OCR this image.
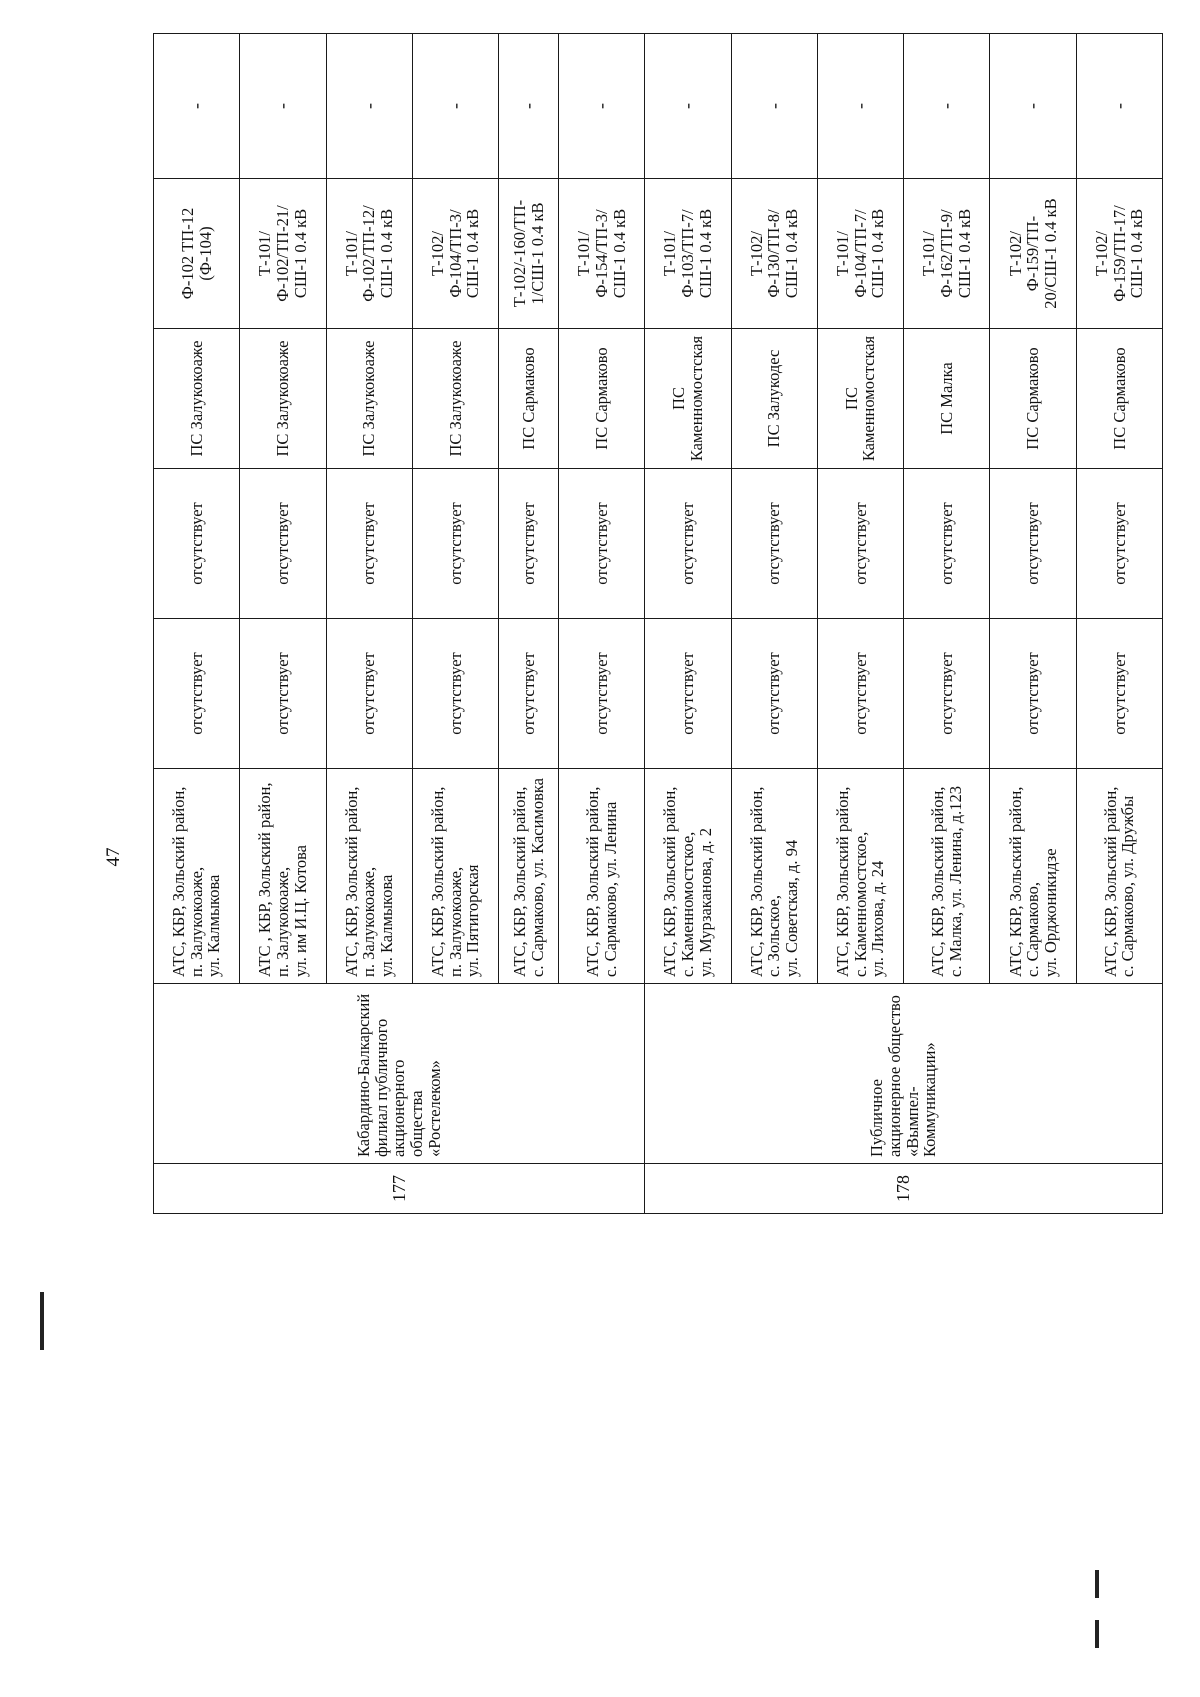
47
177	Кабардино-Балкарский филиал публичного акционерного общества «Ростелеком»	АТС, КБР, Зольский район,
п. Залукокоаже,
ул. Калмыкова	отсутствует	отсутствует	ПС Залукокоаже	Ф-102 ТП-12
(Ф-104)	-
		АТС , КБР, Зольский район,
п. Залукокоаже,
ул. им И.Ц. Котова	отсутствует	отсутствует	ПС Залукокоаже	Т-101/
Ф-102/ТП-21/
СШ-1 0.4 кВ	-
		АТС, КБР, Зольский район,
п. Залукокоаже,
ул. Калмыкова	отсутствует	отсутствует	ПС Залукокоаже	Т-101/
Ф-102/ТП-12/
СШ-1 0.4 кВ	-
		АТС, КБР, Зольский район,
п. Залукокоаже,
ул. Пятигорская	отсутствует	отсутствует	ПС Залукокоаже	Т-102/
Ф-104/ТП-3/
СШ-1 0.4 кВ	-
		АТС, КБР, Зольский район,
с. Сармаково, ул. Касимовка	отсутствует	отсутствует	ПС Сармаково	Т-102/-160/ТП-
1/СШ-1 0.4 кВ	-
		АТС, КБР, Зольский район,
с. Сармаково, ул. Ленина	отсутствует	отсутствует	ПС Сармаково	Т-101/
Ф-154/ТП-3/
СШ-1 0.4 кВ	-
178	Публичное акционерное общество «Вымпел-Коммуникации»	АТС, КБР, Зольский район,
с. Каменномостское,
ул. Мурзаканова, д. 2	отсутствует	отсутствует	ПС
Каменномостская	Т-101/
Ф-103/ТП-7/
СШ-1 0.4 кВ	-
		АТС, КБР, Зольский район,
с. Зольское,
ул. Советская, д. 94	отсутствует	отсутствует	ПС Залукодес	Т-102/
Ф-130/ТП-8/
СШ-1 0.4 кВ	-
		АТС, КБР, Зольский район,
с. Каменномостское,
ул. Лихова, д. 24	отсутствует	отсутствует	ПС
Каменномостская	Т-101/
Ф-104/ТП-7/
СШ-1 0.4 кВ	-
		АТС, КБР, Зольский район,
с. Малка, ул. Ленина, д.123	отсутствует	отсутствует	ПС Малка	Т-101/
Ф-162/ТП-9/
СШ-1 0.4 кВ	-
		АТС, КБР, Зольский район,
с. Сармаково,
ул. Орджоникидзе	отсутствует	отсутствует	ПС Сармаково	Т-102/
Ф-159/ТП-
20/СШ-1 0.4 кВ	-
		АТС, КБР, Зольский район,
с. Сармаково, ул. Дружбы	отсутствует	отсутствует	ПС Сармаково	Т-102/
Ф-159/ТП-17/
СШ-1 0.4 кВ	-
